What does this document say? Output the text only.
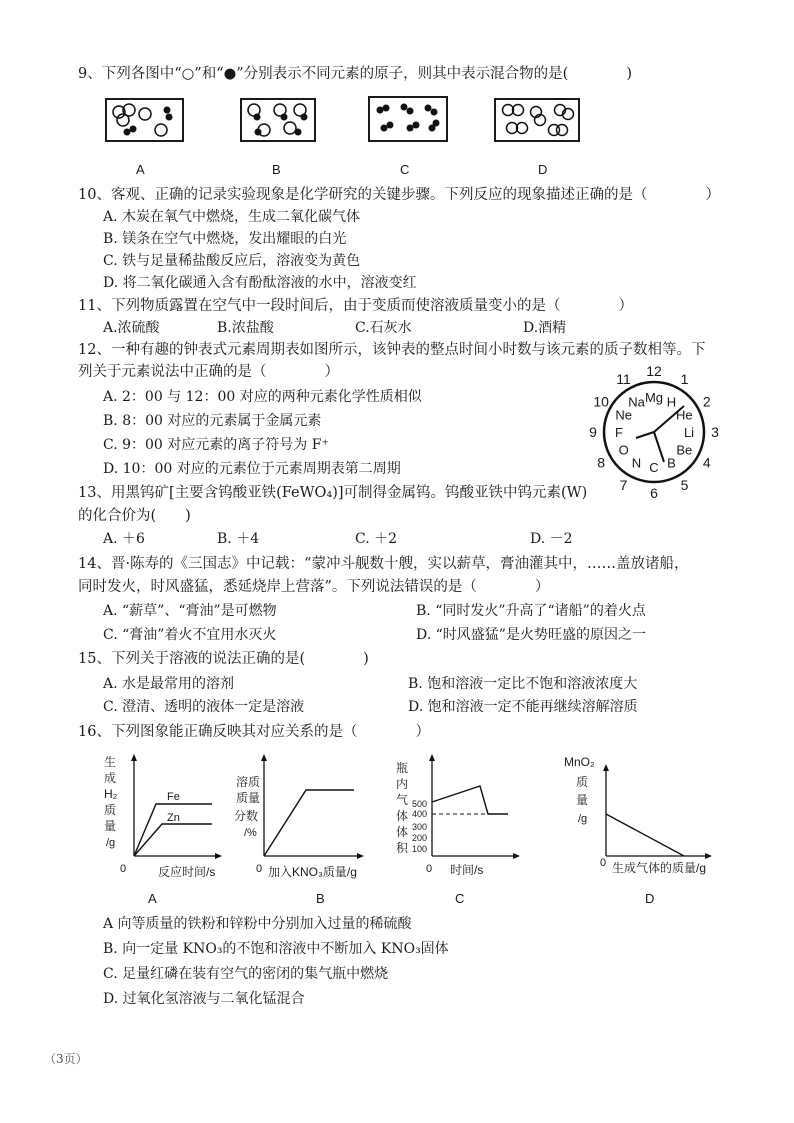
9、下列各图中“○”和“●”分别表示不同元素的原子，则其中表示混合物的是(　　　　)
A	B	C	D
10、客观、正确的记录实验现象是化学研究的关键步骤。下列反应的现象描述正确的是（　　　　）
A. 木炭在氧气中燃烧，生成二氧化碳气体
B. 镁条在空气中燃烧，发出耀眼的白光
C. 铁与足量稀盐酸反应后，溶液变为黄色
D. 将二氧化碳通入含有酚酞溶液的水中，溶液变红
11、下列物质露置在空气中一段时间后，由于变质而使溶液质量变小的是（　　　　）
A.浓硫酸	B.浓盐酸	C.石灰水	D.酒精
12、一种有趣的钟表式元素周期表如图所示，该钟表的整点时间小时数与该元素的质子数相等。下
列关于元素说法中正确的是（　　　　）
A. 2：00 与 12：00 对应的两种元素化学性质相似
B. 8：00 对应的元素属于金属元素
C. 9：00 对应元素的离子符号为 F⁺
D. 10：00 对应的元素位于元素周期表第二周期
12
Mg
1
H 2
He
3
Li
4
Be
5
B
6
C
7
N
8
O
9 F
10
Ne
11
Na
13、用黑钨矿[主要含钨酸亚铁(FeWO₄)]可制得金属钨。钨酸亚铁中钨元素(W)
的化合价为(　　)
A. ＋6	B. ＋4	C. ＋2	D. －2
14、晋·陈寿的《三国志》中记载：“蒙冲斗舰数十艘，实以薪草，膏油灌其中，……盖放诸船，
同时发火，时风盛猛，悉延烧岸上营落”。下列说法错误的是（　　　　）
A. “薪草”、“膏油”是可燃物	B. “同时发火”升高了“诸船”的着火点
C. “膏油”着火不宜用水灭火	D. “时风盛猛”是火势旺盛的原因之一
15、下列关于溶液的说法正确的是(　　　　)
A. 水是最常用的溶剂	B. 饱和溶液一定比不饱和溶液浓度大
C. 澄清、透明的液体一定是溶液	D. 饱和溶液一定不能再继续溶解溶质
16、下列图象能正确反映其对应关系的是（　　　　）
Fe
Zn
0	反应时间/s
生
成
H₂
质
量
/g
A
0 加入KNO₃质量/g
溶质
质量
分数
/%
B
500
400
300
200
100
0 时间/s
瓶
内
气
体
体
积
C
MnO₂
质
量
/g
0 生成气体的质量/g
D
A 向等质量的铁粉和锌粉中分别加入过量的稀硫酸
B. 向一定量 KNO₃的不饱和溶液中不断加入 KNO₃固体
C. 足量红磷在装有空气的密闭的集气瓶中燃烧
D. 过氧化氢溶液与二氧化锰混合
（3页）
